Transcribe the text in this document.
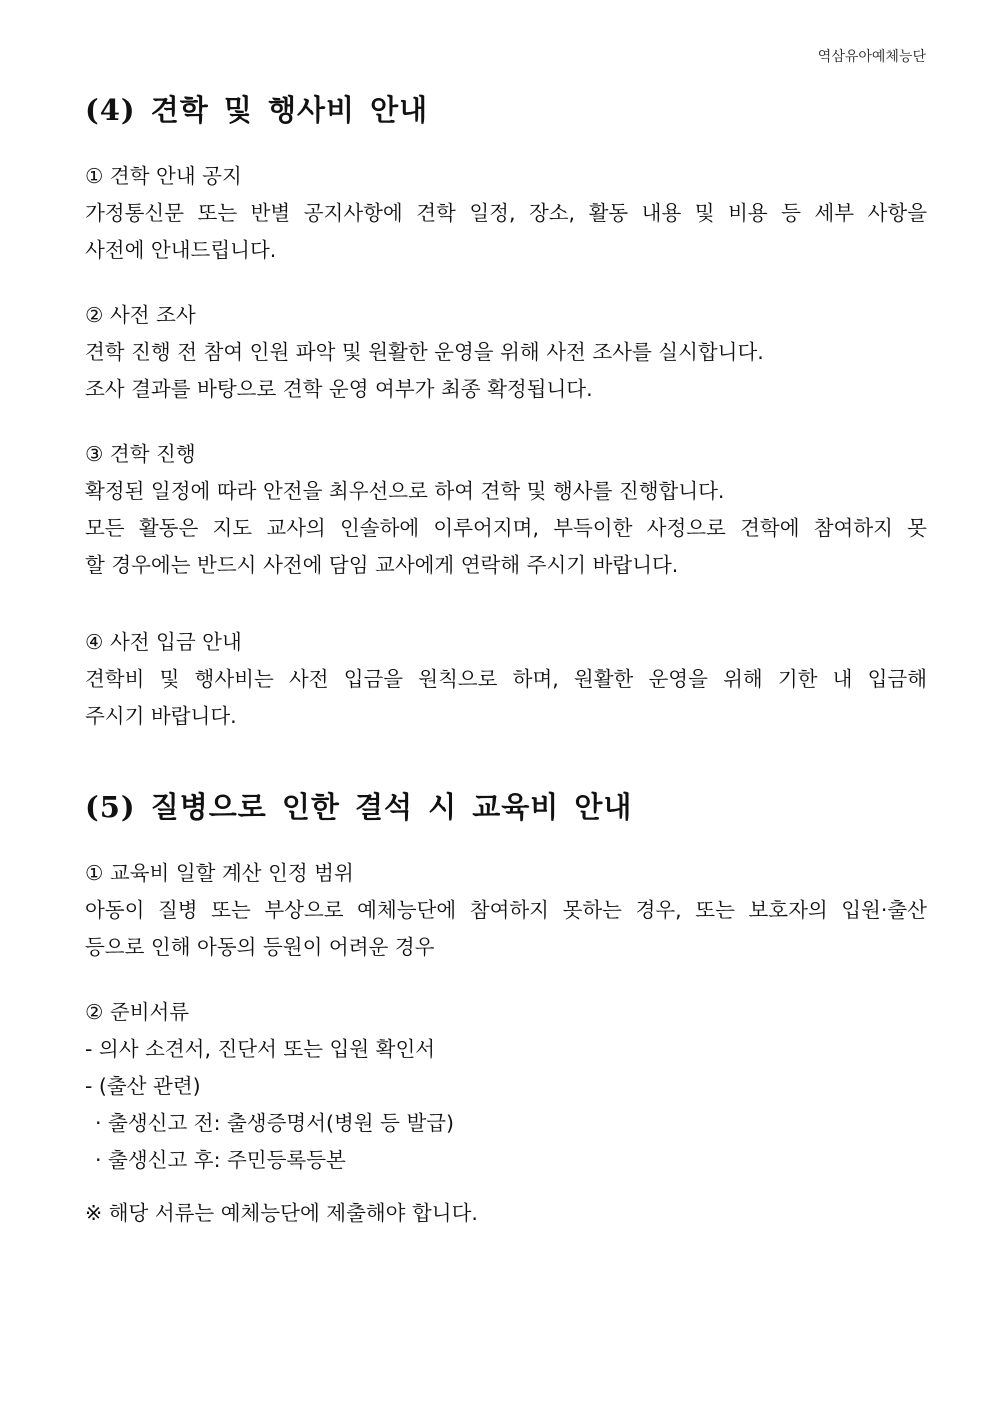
역삼유아예체능단
(4) 견학 및 행사비 안내
① 견학 안내 공지
가정통신문 또는 반별 공지사항에 견학 일정, 장소, 활동 내용 및 비용 등 세부 사항을
사전에 안내드립니다.
② 사전 조사
견학 진행 전 참여 인원 파악 및 원활한 운영을 위해 사전 조사를 실시합니다.
조사 결과를 바탕으로 견학 운영 여부가 최종 확정됩니다.
③ 견학 진행
확정된 일정에 따라 안전을 최우선으로 하여 견학 및 행사를 진행합니다.
모든 활동은 지도 교사의 인솔하에 이루어지며, 부득이한 사정으로 견학에 참여하지 못
할 경우에는 반드시 사전에 담임 교사에게 연락해 주시기 바랍니다.
④ 사전 입금 안내
견학비 및 행사비는 사전 입금을 원칙으로 하며, 원활한 운영을 위해 기한 내 입금해
주시기 바랍니다.
(5) 질병으로 인한 결석 시 교육비 안내
① 교육비 일할 계산 인정 범위
아동이 질병 또는 부상으로 예체능단에 참여하지 못하는 경우, 또는 보호자의 입원·출산
등으로 인해 아동의 등원이 어려운 경우
② 준비서류
- 의사 소견서, 진단서 또는 입원 확인서
- (출산 관련)
· 출생신고 전: 출생증명서(병원 등 발급)
· 출생신고 후: 주민등록등본
※ 해당 서류는 예체능단에 제출해야 합니다.
